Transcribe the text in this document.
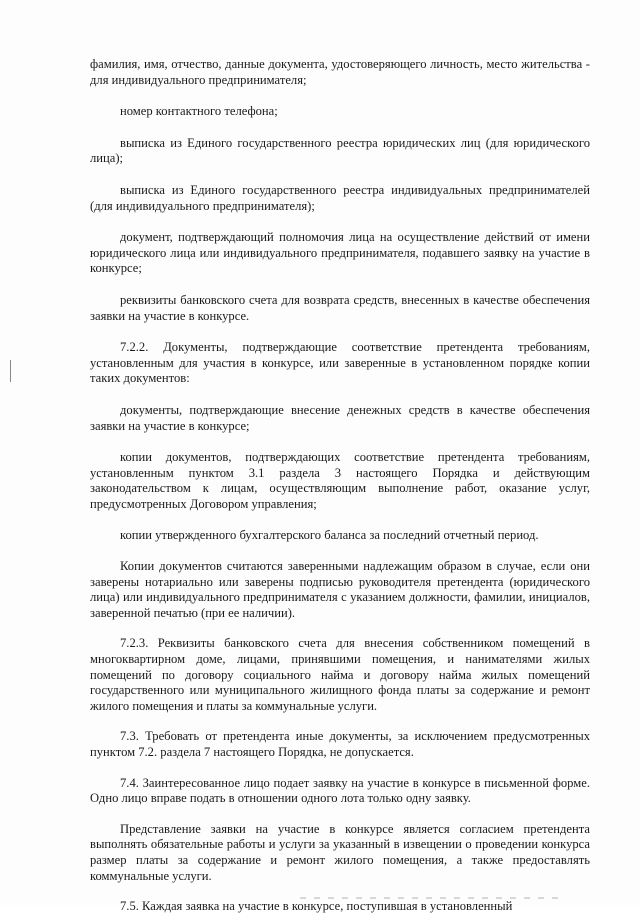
фамилия, имя, отчество, данные документа, удостоверяющего личность, место жительства - для индивидуального предпринимателя;

номер контактного телефона;

выписка из Единого государственного реестра юридических лиц (для юридического лица);

выписка из Единого государственного реестра индивидуальных предпринимателей (для индивидуального предпринимателя);

документ, подтверждающий полномочия лица на осуществление действий от имени юридического лица или индивидуального предпринимателя, подавшего заявку на участие в конкурсе;

реквизиты банковского счета для возврата средств, внесенных в качестве обеспечения заявки на участие в конкурсе.

7.2.2. Документы, подтверждающие соответствие претендента требованиям, установленным для участия в конкурсе, или заверенные в установленном порядке копии таких документов:

документы, подтверждающие внесение денежных средств в качестве обеспечения заявки на участие в конкурсе;

копии документов, подтверждающих соответствие претендента требованиям, установленным пунктом 3.1 раздела 3 настоящего Порядка и действующим законодательством к лицам, осуществляющим выполнение работ, оказание услуг, предусмотренных Договором управления;

копии утвержденного бухгалтерского баланса за последний отчетный период.

Копии документов считаются заверенными надлежащим образом в случае, если они заверены нотариально или заверены подписью руководителя претендента (юридического лица) или индивидуального предпринимателя с указанием должности, фамилии, инициалов, заверенной печатью (при ее наличии).

7.2.3. Реквизиты банковского счета для внесения собственником помещений в многоквартирном доме, лицами, принявшими помещения, и нанимателями жилых помещений по договору социального найма и договору найма жилых помещений государственного или муниципального жилищного фонда платы за содержание и ремонт жилого помещения и платы за коммунальные услуги.

7.3. Требовать от претендента иные документы, за исключением предусмотренных пунктом 7.2. раздела 7 настоящего Порядка, не допускается.

7.4. Заинтересованное лицо подает заявку на участие в конкурсе в письменной форме. Одно лицо вправе подать в отношении одного лота только одну заявку.

Представление заявки на участие в конкурсе является согласием претендента выполнять обязательные работы и услуги за указанный в извещении о проведении конкурса размер платы за содержание и ремонт жилого помещения, а также предоставлять коммунальные услуги.

7.5. Каждая заявка на участие в конкурсе, поступившая в установленный
